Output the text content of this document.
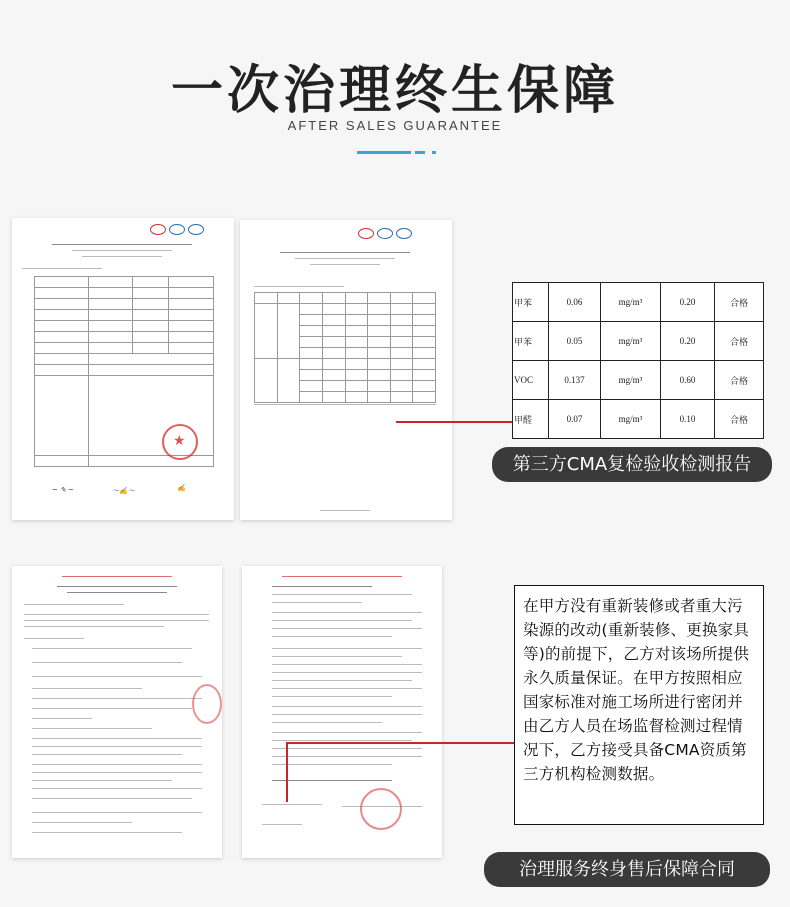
一次治理终生保障
AFTER SALES GUARANTEE

★
~ ✎ ~	～✍～	✍

甲苯	0.06	mg/m³	0.20	合格
甲苯	0.05	mg/m³	0.20	合格
VOC	0.137	mg/m³	0.60	合格
甲醛	0.07	mg/m³	0.10	合格
第三方CMA复检验收检测报告
在甲方没有重新装修或者重大污染源的改动(重新装修、更换家具等)的前提下，乙方对该场所提供永久质量保证。在甲方按照相应国家标准对施工场所进行密闭并由乙方人员在场监督检测过程情况下，乙方接受具备CMA资质第三方机构检测数据。
治理服务终身售后保障合同
